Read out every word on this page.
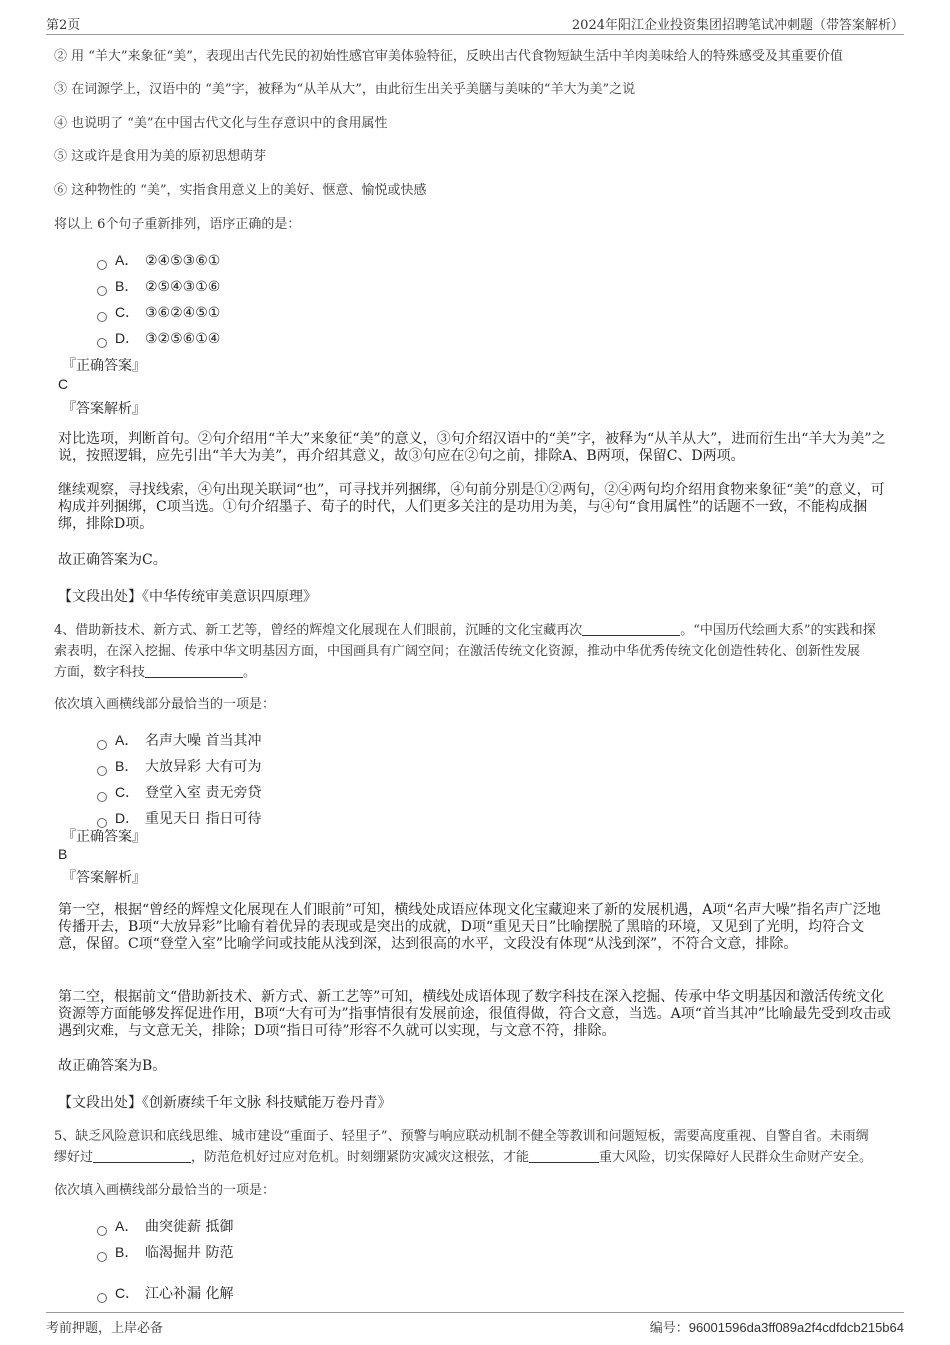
第2页	2024年阳江企业投资集团招聘笔试冲刺题（带答案解析）
② 用 “羊大”来象征“美”，表现出古代先民的初始性感官审美体验特征，反映出古代食物短缺生活中羊肉美味给人的特殊感受及其重要价值
③ 在词源学上，汉语中的 “美”字，被释为“从羊从大”，由此衍生出关乎美膳与美味的“羊大为美”之说
④ 也说明了 “美”在中国古代文化与生存意识中的食用属性
⑤ 这或许是食用为美的原初思想萌芽
⑥ 这种物性的 “美”，实指食用意义上的美好、惬意、愉悦或快感
将以上 6个句子重新排列，语序正确的是：
A． ②④⑤③⑥①
B． ②⑤④③①⑥
C． ③⑥②④⑤①
D． ③②⑤⑥①④
『正确答案』
C
『答案解析』
对比选项，判断首句。②句介绍用“羊大”来象征“美”的意义，③句介绍汉语中的“美”字，被释为“从羊从大”，进而衍生出“羊大为美”之说，按照逻辑，应先引出“羊大为美”，再介绍其意义，故③句应在②句之前，排除A、B两项，保留C、D两项。
继续观察，寻找线索，④句出现关联词“也”，可寻找并列捆绑，④句前分别是①②两句，②④两句均介绍用食物来象征“美”的意义，可构成并列捆绑，C项当选。①句介绍墨子、荀子的时代，人们更多关注的是功用为美，与④句“食用属性”的话题不一致，不能构成捆绑，排除D项。
故正确答案为C。
【文段出处】《中华传统审美意识四原理》
4、借助新技术、新方式、新工艺等，曾经的辉煌文化展现在人们眼前，沉睡的文化宝藏再次	。“中国历代绘画大系”的实践和探
索表明，在深入挖掘、传承中华文明基因方面，中国画具有广阔空间；在激活传统文化资源，推动中华优秀传统文化创造性转化、创新性发展
方面，数字科技	。
依次填入画横线部分最恰当的一项是：
A． 名声大噪 首当其冲
B． 大放异彩 大有可为
C． 登堂入室 责无旁贷
D． 重见天日 指日可待
『正确答案』
B
『答案解析』
第一空，根据“曾经的辉煌文化展现在人们眼前”可知，横线处成语应体现文化宝藏迎来了新的发展机遇，A项“名声大噪”指名声广泛地传播开去，B项“大放异彩”比喻有着优异的表现或是突出的成就，D项“重见天日”比喻摆脱了黑暗的环境，又见到了光明，均符合文意，保留。C项“登堂入室”比喻学问或技能从浅到深，达到很高的水平，文段没有体现“从浅到深”，不符合文意，排除。
第二空，根据前文“借助新技术、新方式、新工艺等”可知，横线处成语体现了数字科技在深入挖掘、传承中华文明基因和激活传统文化资源等方面能够发挥促进作用，B项“大有可为”指事情很有发展前途，很值得做，符合文意，当选。A项“首当其冲”比喻最先受到攻击或遇到灾难，与文意无关，排除；D项“指日可待”形容不久就可以实现，与文意不符，排除。
故正确答案为B。
【文段出处】《创新赓续千年文脉 科技赋能万卷丹青》
5、缺乏风险意识和底线思维、城市建设“重面子、轻里子”、预警与响应联动机制不健全等教训和问题短板，需要高度重视、自警自省。未雨绸
缪好过	，防范危机好过应对危机。时刻绷紧防灾减灾这根弦，才能	重大风险，切实保障好人民群众生命财产安全。
依次填入画横线部分最恰当的一项是：
A． 曲突徙薪 抵御
B． 临渴掘井 防范
C． 江心补漏 化解
考前押题，上岸必备	编号：96001596da3ff089a2f4cdfdcb215b64
